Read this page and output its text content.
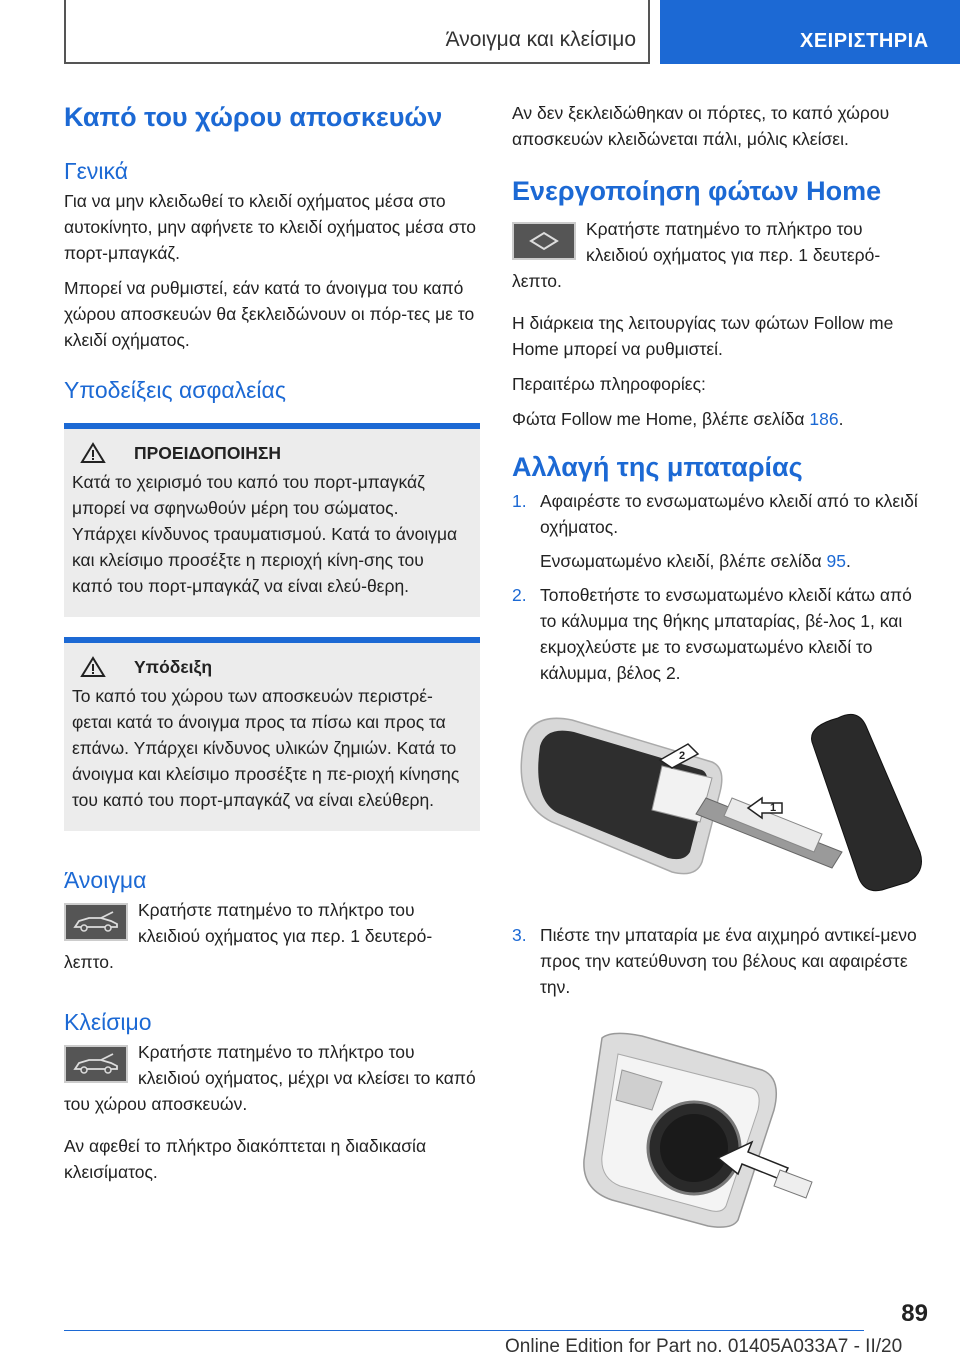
Άνοιγμα και κλείσιμο	ΧΕΙΡΙΣΤΗΡΙΑ
Καπό του χώρου αποσκευών
Γενικά

Για να μην κλειδωθεί το κλειδί οχήματος μέσα στο αυτοκίνητο, μην αφήνετε το κλειδί οχήματος μέσα στο πορτ-μπαγκάζ.

Μπορεί να ρυθμιστεί, εάν κατά το άνοιγμα του καπό χώρου αποσκευών θα ξεκλειδώνουν οι πόρ-τες με το κλειδί οχήματος.

Υποδείξεις ασφαλείας
ΠΡΟΕΙΔΟΠΟΙΗΣΗ

Κατά το χειρισμό του καπό του πορτ-μπαγκάζ μπορεί να σφηνωθούν μέρη του σώματος. Υπάρχει κίνδυνος τραυματισμού. Κατά το άνοιγμα και κλείσιμο προσέξτε η περιοχή κίνη-σης του καπό του πορτ-μπαγκάζ να είναι ελεύ-θερη.

Υπόδειξη

Το καπό του χώρου των αποσκευών περιστρέ-φεται κατά το άνοιγμα προς τα πίσω και προς τα επάνω. Υπάρχει κίνδυνος υλικών ζημιών. Κατά το άνοιγμα και κλείσιμο προσέξτε η πε-ριοχή κίνησης του καπό του πορτ-μπαγκάζ να είναι ελεύθερη.

Άνοιγμα

Κρατήστε πατημένο το πλήκτρο του κλειδιού οχήματος για περ. 1 δευτερό-λεπτο.

Κλείσιμο

Κρατήστε πατημένο το πλήκτρο του κλειδιού οχήματος, μέχρι να κλείσει το καπό του χώρου αποσκευών.

Αν αφεθεί το πλήκτρο διακόπτεται η διαδικασία κλεισίματος.

Αν δεν ξεκλειδώθηκαν οι πόρτες, το καπό χώρου αποσκευών κλειδώνεται πάλι, μόλις κλείσει.

Ενεργοποίηση φώτων Home

Κρατήστε πατημένο το πλήκτρο του κλειδιού οχήματος για περ. 1 δευτερό-λεπτο.

Η διάρκεια της λειτουργίας των φώτων Follow me Home μπορεί να ρυθμιστεί.

Περαιτέρω πληροφορίες:

Φώτα Follow me Home, βλέπε σελίδα 186.

Αλλαγή της μπαταρίας
1. Αφαιρέστε το ενσωματωμένο κλειδί από το κλειδί οχήματος.
Ενσωματωμένο κλειδί, βλέπε σελίδα 95.
2. Τοποθετήστε το ενσωματωμένο κλειδί κάτω από το κάλυμμα της θήκης μπαταρίας, βέ-λος 1, και εκμοχλεύστε με το ενσωματωμένο κλειδί το κάλυμμα, βέλος 2.
1
2
3. Πιέστε την μπαταρία με ένα αιχμηρό αντικεί-μενο προς την κατεύθυνση του βέλους και αφαιρέστε την.
89
Online Edition for Part no. 01405A033A7 - II/20
